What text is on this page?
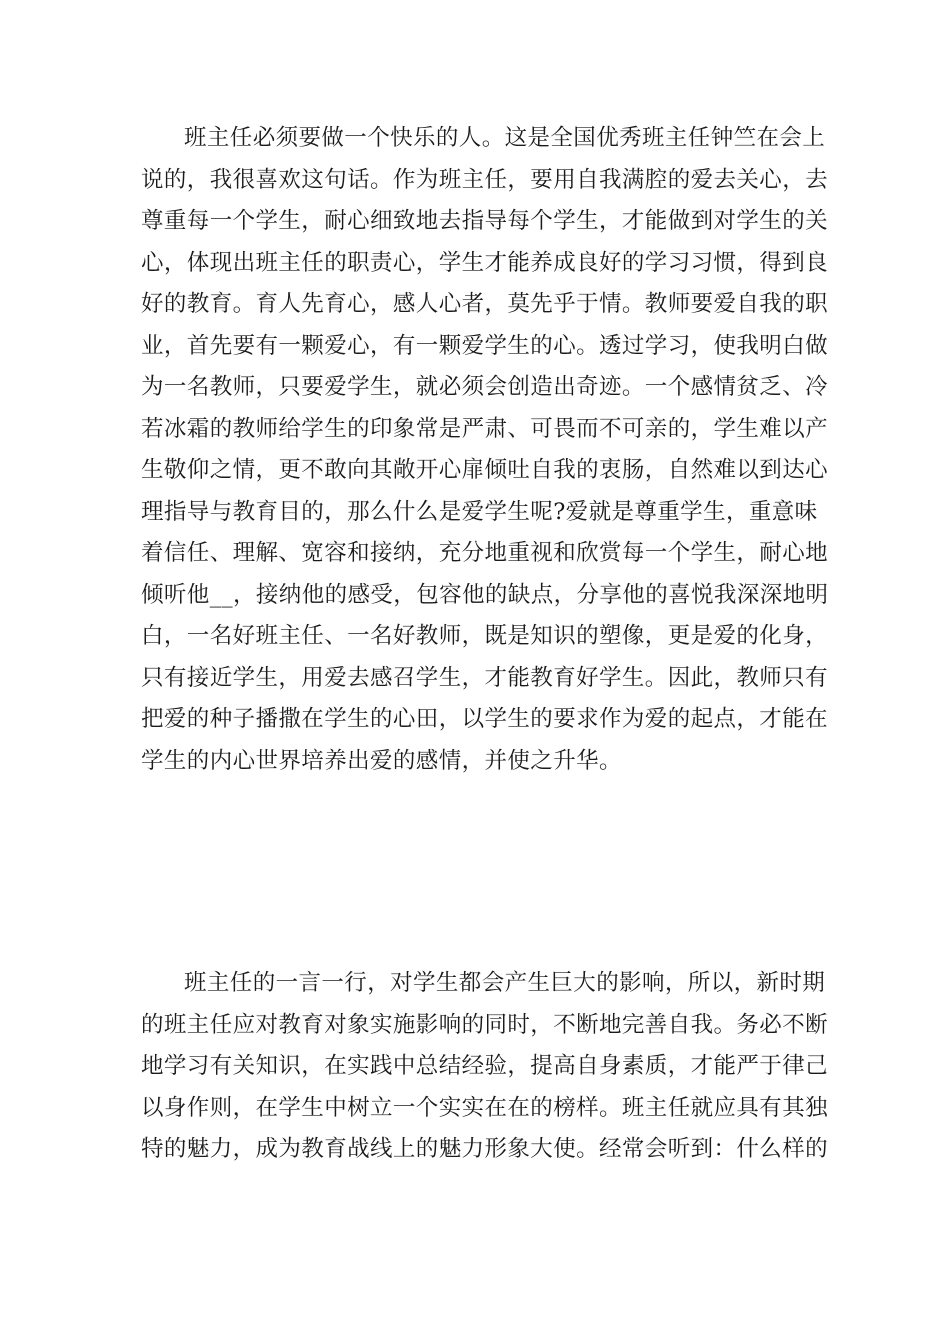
班主任必须要做一个快乐的人。这是全国优秀班主任钟竺在会上
说的，我很喜欢这句话。作为班主任，要用自我满腔的爱去关心，去
尊重每一个学生，耐心细致地去指导每个学生，才能做到对学生的关
心，体现出班主任的职责心，学生才能养成良好的学习习惯，得到良
好的教育。育人先育心，感人心者，莫先乎于情。教师要爱自我的职
业，首先要有一颗爱心，有一颗爱学生的心。透过学习，使我明白做
为一名教师，只要爱学生，就必须会创造出奇迹。一个感情贫乏、冷
若冰霜的教师给学生的印象常是严肃、可畏而不可亲的，学生难以产
生敬仰之情，更不敢向其敞开心扉倾吐自我的衷肠，自然难以到达心
理指导与教育目的，那么什么是爱学生呢?爱就是尊重学生，重意味
着信任、理解、宽容和接纳，充分地重视和欣赏每一个学生，耐心地
倾听他__，接纳他的感受，包容他的缺点，分享他的喜悦我深深地明
白，一名好班主任、一名好教师，既是知识的塑像，更是爱的化身，
只有接近学生，用爱去感召学生，才能教育好学生。因此，教师只有
把爱的种子播撒在学生的心田，以学生的要求作为爱的起点，才能在
学生的内心世界培养出爱的感情，并使之升华。

班主任的一言一行，对学生都会产生巨大的影响，所以，新时期
的班主任应对教育对象实施影响的同时，不断地完善自我。务必不断
地学习有关知识，在实践中总结经验，提高自身素质，才能严于律己
以身作则，在学生中树立一个实实在在的榜样。班主任就应具有其独
特的魅力，成为教育战线上的魅力形象大使。经常会听到：什么样的
